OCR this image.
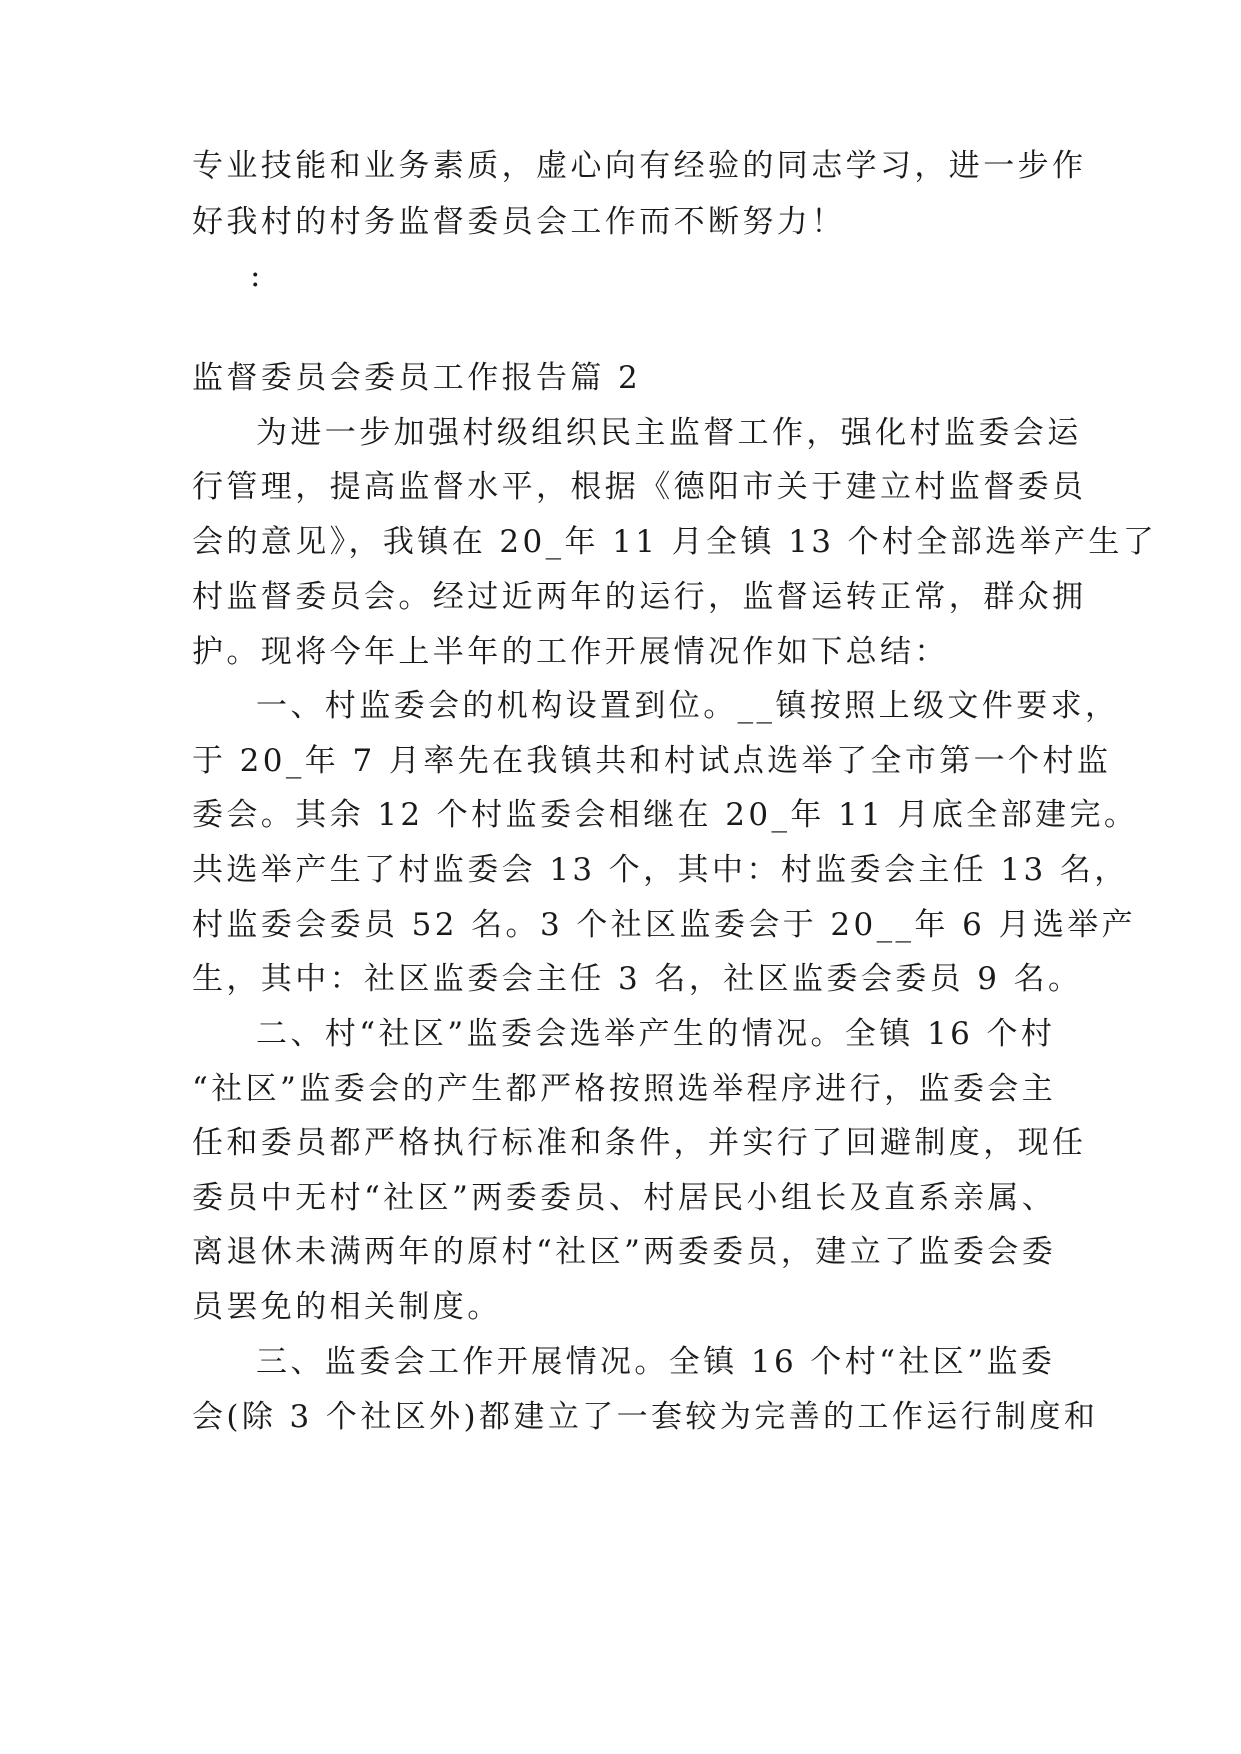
专业技能和业务素质，虚心向有经验的同志学习，进一步作
好我村的村务监督委员会工作而不断努力！
:
监督委员会委员工作报告篇 2
为进一步加强村级组织民主监督工作，强化村监委会运
行管理，提高监督水平，根据《德阳市关于建立村监督委员
会的意见》，我镇在 20_年 11 月全镇 13 个村全部选举产生了
村监督委员会。经过近两年的运行，监督运转正常，群众拥
护。现将今年上半年的工作开展情况作如下总结：
一、村监委会的机构设置到位。__镇按照上级文件要求，
于 20_年 7 月率先在我镇共和村试点选举了全市第一个村监
委会。其余 12 个村监委会相继在 20_年 11 月底全部建完。
共选举产生了村监委会 13 个，其中：村监委会主任 13 名，
村监委会委员 52 名。3 个社区监委会于 20__年 6 月选举产
生，其中：社区监委会主任 3 名，社区监委会委员 9 名。
二、村“社区”监委会选举产生的情况。全镇 16 个村
“社区”监委会的产生都严格按照选举程序进行，监委会主
任和委员都严格执行标准和条件，并实行了回避制度，现任
委员中无村“社区”两委委员、村居民小组长及直系亲属、
离退休未满两年的原村“社区”两委委员，建立了监委会委
员罢免的相关制度。
三、监委会工作开展情况。全镇 16 个村“社区”监委
会(除 3 个社区外)都建立了一套较为完善的工作运行制度和
